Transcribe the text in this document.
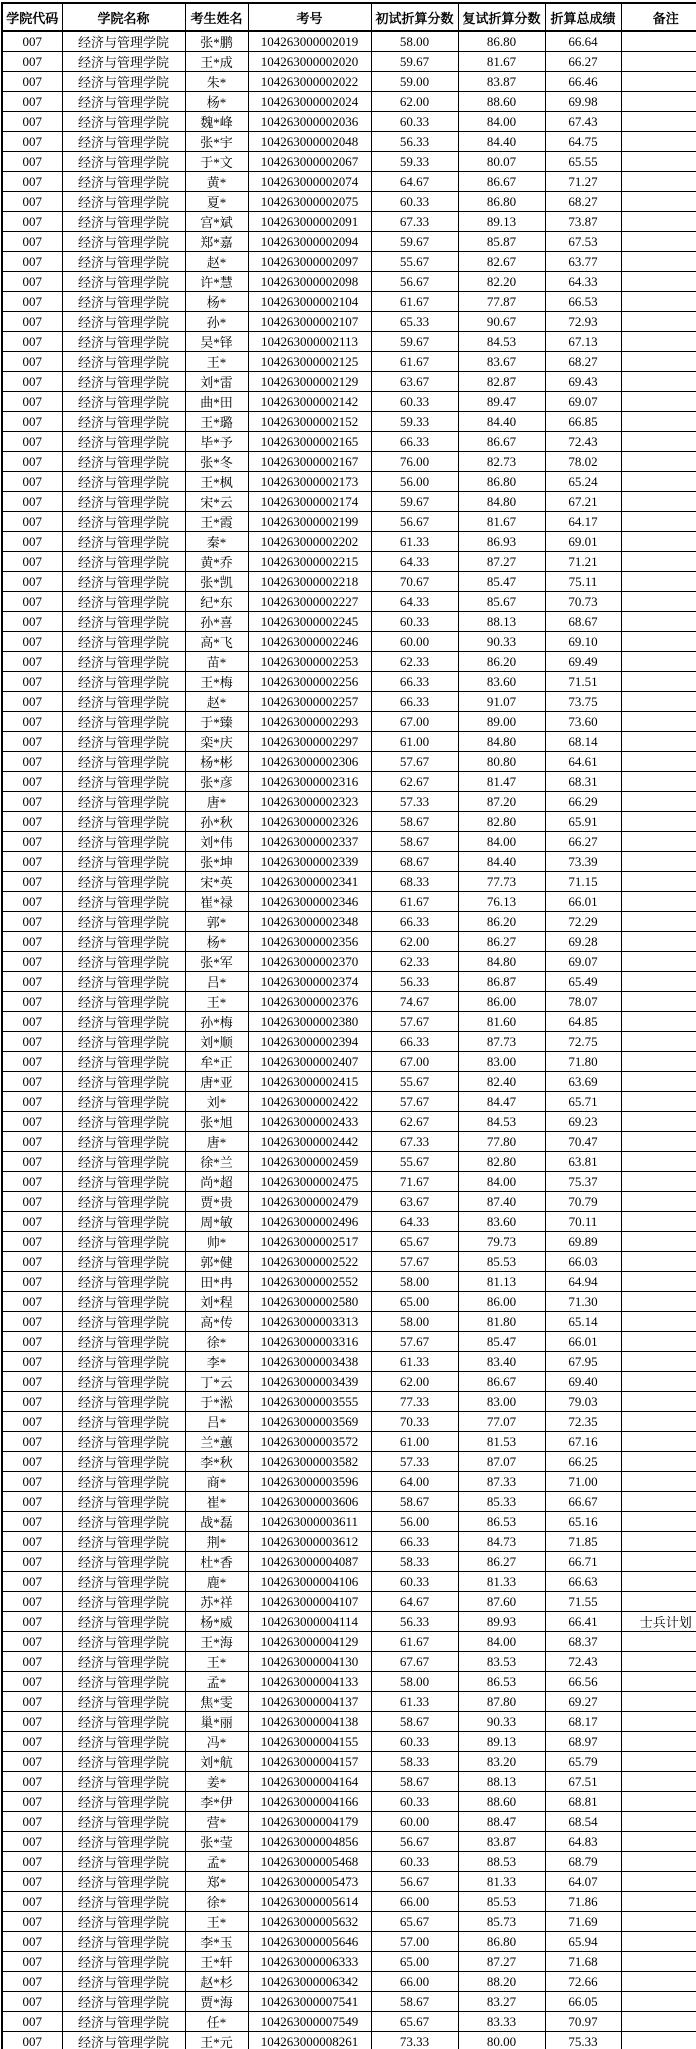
学院代码	学院名称	考生姓名	考号	初试折算分数	复试折算分数	折算总成绩	备注
007	经济与管理学院	张*鹏	104263000002019	58.00	86.80	66.64	
007	经济与管理学院	王*成	104263000002020	59.67	81.67	66.27	
007	经济与管理学院	朱*	104263000002022	59.00	83.87	66.46	
007	经济与管理学院	杨*	104263000002024	62.00	88.60	69.98	
007	经济与管理学院	魏*峰	104263000002036	60.33	84.00	67.43	
007	经济与管理学院	张*宇	104263000002048	56.33	84.40	64.75	
007	经济与管理学院	于*文	104263000002067	59.33	80.07	65.55	
007	经济与管理学院	黄*	104263000002074	64.67	86.67	71.27	
007	经济与管理学院	夏*	104263000002075	60.33	86.80	68.27	
007	经济与管理学院	宫*斌	104263000002091	67.33	89.13	73.87	
007	经济与管理学院	郑*嘉	104263000002094	59.67	85.87	67.53	
007	经济与管理学院	赵*	104263000002097	55.67	82.67	63.77	
007	经济与管理学院	许*慧	104263000002098	56.67	82.20	64.33	
007	经济与管理学院	杨*	104263000002104	61.67	77.87	66.53	
007	经济与管理学院	孙*	104263000002107	65.33	90.67	72.93	
007	经济与管理学院	吴*铎	104263000002113	59.67	84.53	67.13	
007	经济与管理学院	王*	104263000002125	61.67	83.67	68.27	
007	经济与管理学院	刘*雷	104263000002129	63.67	82.87	69.43	
007	经济与管理学院	曲*田	104263000002142	60.33	89.47	69.07	
007	经济与管理学院	王*璐	104263000002152	59.33	84.40	66.85	
007	经济与管理学院	毕*予	104263000002165	66.33	86.67	72.43	
007	经济与管理学院	张*冬	104263000002167	76.00	82.73	78.02	
007	经济与管理学院	王*枫	104263000002173	56.00	86.80	65.24	
007	经济与管理学院	宋*云	104263000002174	59.67	84.80	67.21	
007	经济与管理学院	王*霞	104263000002199	56.67	81.67	64.17	
007	经济与管理学院	秦*	104263000002202	61.33	86.93	69.01	
007	经济与管理学院	黄*乔	104263000002215	64.33	87.27	71.21	
007	经济与管理学院	张*凯	104263000002218	70.67	85.47	75.11	
007	经济与管理学院	纪*东	104263000002227	64.33	85.67	70.73	
007	经济与管理学院	孙*喜	104263000002245	60.33	88.13	68.67	
007	经济与管理学院	高*飞	104263000002246	60.00	90.33	69.10	
007	经济与管理学院	苗*	104263000002253	62.33	86.20	69.49	
007	经济与管理学院	王*梅	104263000002256	66.33	83.60	71.51	
007	经济与管理学院	赵*	104263000002257	66.33	91.07	73.75	
007	经济与管理学院	于*臻	104263000002293	67.00	89.00	73.60	
007	经济与管理学院	栾*庆	104263000002297	61.00	84.80	68.14	
007	经济与管理学院	杨*彬	104263000002306	57.67	80.80	64.61	
007	经济与管理学院	张*彦	104263000002316	62.67	81.47	68.31	
007	经济与管理学院	唐*	104263000002323	57.33	87.20	66.29	
007	经济与管理学院	孙*秋	104263000002326	58.67	82.80	65.91	
007	经济与管理学院	刘*伟	104263000002337	58.67	84.00	66.27	
007	经济与管理学院	张*坤	104263000002339	68.67	84.40	73.39	
007	经济与管理学院	宋*英	104263000002341	68.33	77.73	71.15	
007	经济与管理学院	崔*禄	104263000002346	61.67	76.13	66.01	
007	经济与管理学院	郭*	104263000002348	66.33	86.20	72.29	
007	经济与管理学院	杨*	104263000002356	62.00	86.27	69.28	
007	经济与管理学院	张*军	104263000002370	62.33	84.80	69.07	
007	经济与管理学院	吕*	104263000002374	56.33	86.87	65.49	
007	经济与管理学院	王*	104263000002376	74.67	86.00	78.07	
007	经济与管理学院	孙*梅	104263000002380	57.67	81.60	64.85	
007	经济与管理学院	刘*顺	104263000002394	66.33	87.73	72.75	
007	经济与管理学院	牟*正	104263000002407	67.00	83.00	71.80	
007	经济与管理学院	唐*亚	104263000002415	55.67	82.40	63.69	
007	经济与管理学院	刘*	104263000002422	57.67	84.47	65.71	
007	经济与管理学院	张*旭	104263000002433	62.67	84.53	69.23	
007	经济与管理学院	唐*	104263000002442	67.33	77.80	70.47	
007	经济与管理学院	徐*兰	104263000002459	55.67	82.80	63.81	
007	经济与管理学院	尚*超	104263000002475	71.67	84.00	75.37	
007	经济与管理学院	贾*贵	104263000002479	63.67	87.40	70.79	
007	经济与管理学院	周*敏	104263000002496	64.33	83.60	70.11	
007	经济与管理学院	帅*	104263000002517	65.67	79.73	69.89	
007	经济与管理学院	郭*健	104263000002522	57.67	85.53	66.03	
007	经济与管理学院	田*冉	104263000002552	58.00	81.13	64.94	
007	经济与管理学院	刘*程	104263000002580	65.00	86.00	71.30	
007	经济与管理学院	高*传	104263000003313	58.00	81.80	65.14	
007	经济与管理学院	徐*	104263000003316	57.67	85.47	66.01	
007	经济与管理学院	李*	104263000003438	61.33	83.40	67.95	
007	经济与管理学院	丁*云	104263000003439	62.00	86.67	69.40	
007	经济与管理学院	于*淞	104263000003555	77.33	83.00	79.03	
007	经济与管理学院	吕*	104263000003569	70.33	77.07	72.35	
007	经济与管理学院	兰*蕙	104263000003572	61.00	81.53	67.16	
007	经济与管理学院	李*秋	104263000003582	57.33	87.07	66.25	
007	经济与管理学院	商*	104263000003596	64.00	87.33	71.00	
007	经济与管理学院	崔*	104263000003606	58.67	85.33	66.67	
007	经济与管理学院	战*磊	104263000003611	56.00	86.53	65.16	
007	经济与管理学院	荆*	104263000003612	66.33	84.73	71.85	
007	经济与管理学院	杜*香	104263000004087	58.33	86.27	66.71	
007	经济与管理学院	鹿*	104263000004106	60.33	81.33	66.63	
007	经济与管理学院	苏*祥	104263000004107	64.67	87.60	71.55	
007	经济与管理学院	杨*威	104263000004114	56.33	89.93	66.41	士兵计划
007	经济与管理学院	王*海	104263000004129	61.67	84.00	68.37	
007	经济与管理学院	王*	104263000004130	67.67	83.53	72.43	
007	经济与管理学院	孟*	104263000004133	58.00	86.53	66.56	
007	经济与管理学院	焦*雯	104263000004137	61.33	87.80	69.27	
007	经济与管理学院	巢*丽	104263000004138	58.67	90.33	68.17	
007	经济与管理学院	冯*	104263000004155	60.33	89.13	68.97	
007	经济与管理学院	刘*航	104263000004157	58.33	83.20	65.79	
007	经济与管理学院	姜*	104263000004164	58.67	88.13	67.51	
007	经济与管理学院	李*伊	104263000004166	60.33	88.60	68.81	
007	经济与管理学院	营*	104263000004179	60.00	88.47	68.54	
007	经济与管理学院	张*莹	104263000004856	56.67	83.87	64.83	
007	经济与管理学院	孟*	104263000005468	60.33	88.53	68.79	
007	经济与管理学院	郑*	104263000005473	56.67	81.33	64.07	
007	经济与管理学院	徐*	104263000005614	66.00	85.53	71.86	
007	经济与管理学院	王*	104263000005632	65.67	85.73	71.69	
007	经济与管理学院	李*玉	104263000005646	57.00	86.80	65.94	
007	经济与管理学院	王*轩	104263000006333	65.00	87.27	71.68	
007	经济与管理学院	赵*杉	104263000006342	66.00	88.20	72.66	
007	经济与管理学院	贾*海	104263000007541	58.67	83.27	66.05	
007	经济与管理学院	任*	104263000007549	65.67	83.33	70.97	
007	经济与管理学院	王*元	104263000008261	73.33	80.00	75.33	
